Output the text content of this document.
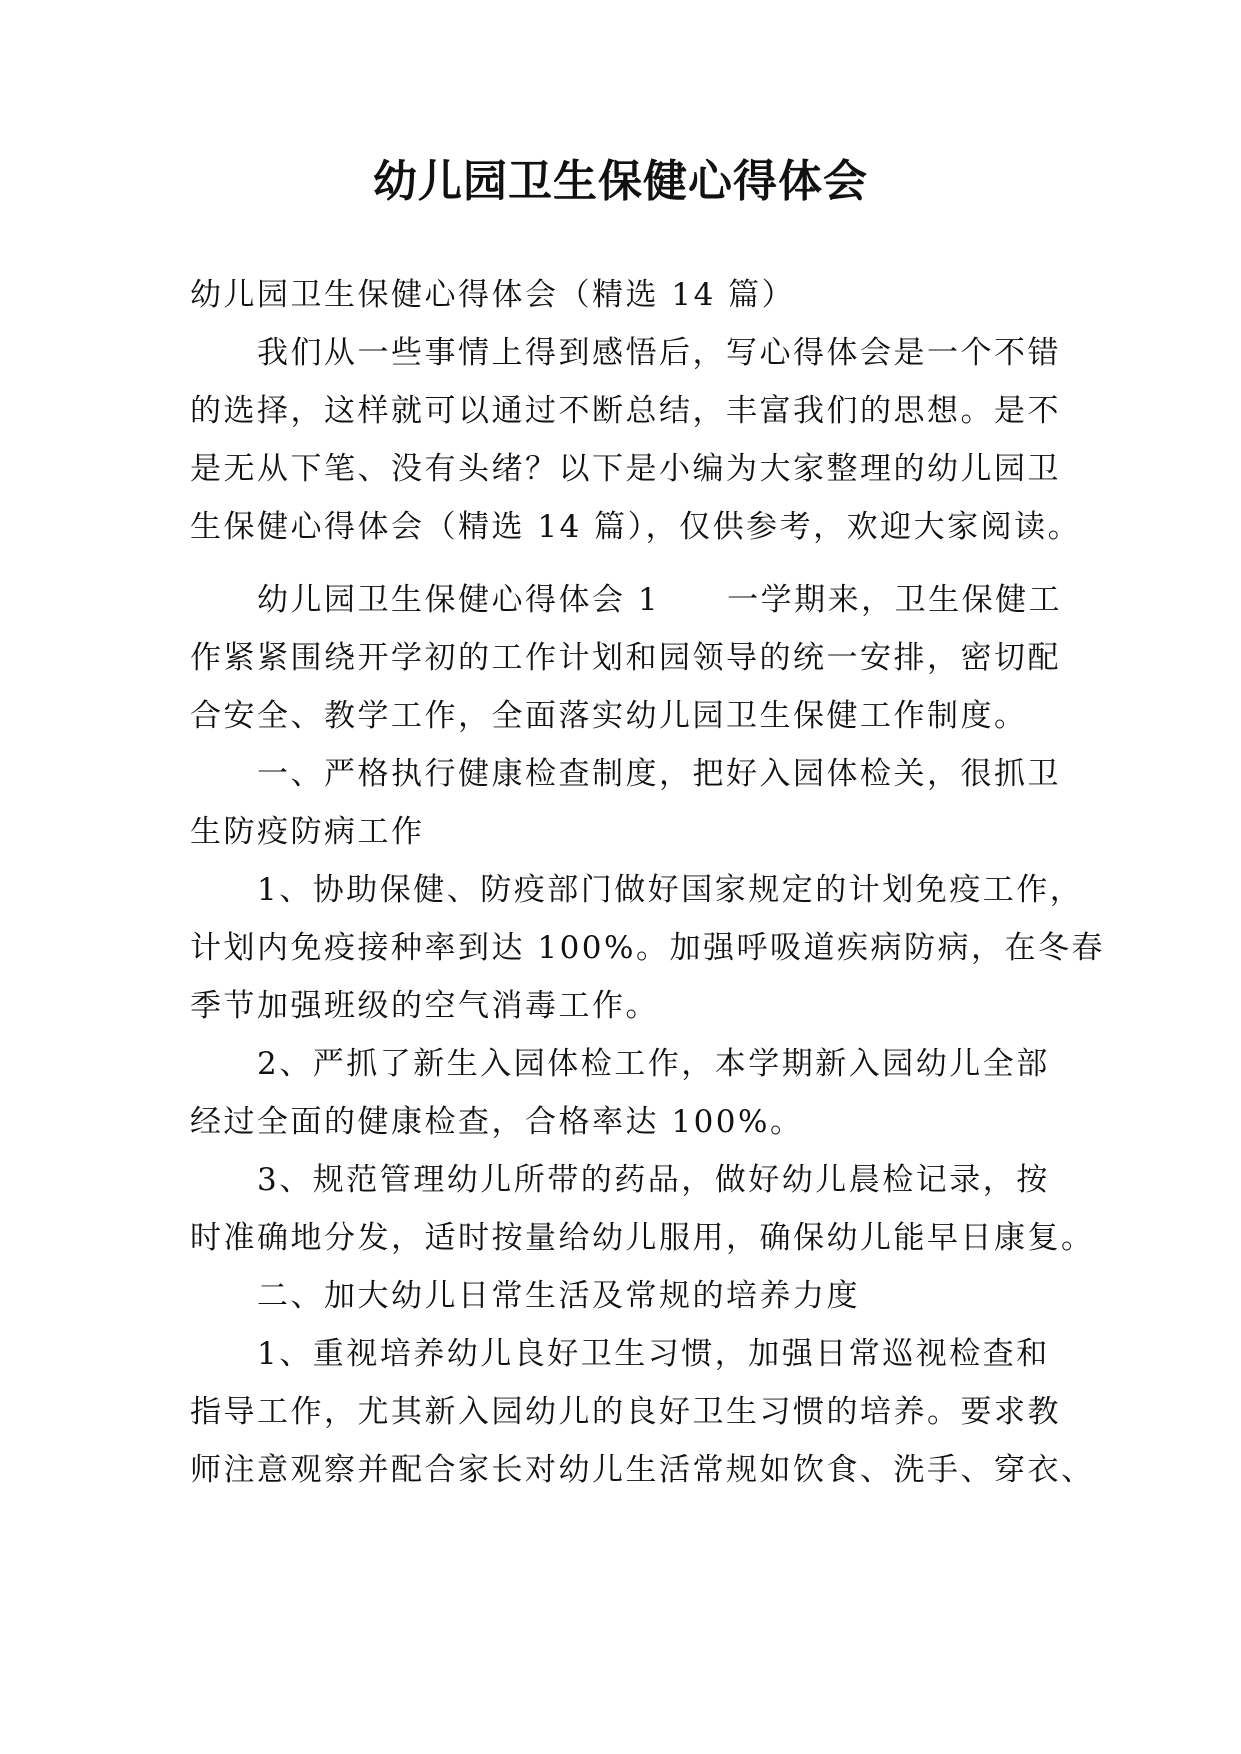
幼儿园卫生保健心得体会
幼儿园卫生保健心得体会（精选 14 篇）
我们从一些事情上得到感悟后，写心得体会是一个不错
的选择，这样就可以通过不断总结，丰富我们的思想。是不
是无从下笔、没有头绪？以下是小编为大家整理的幼儿园卫
生保健心得体会（精选 14 篇），仅供参考，欢迎大家阅读。
幼儿园卫生保健心得体会 1　　一学期来，卫生保健工
作紧紧围绕开学初的工作计划和园领导的统一安排，密切配
合安全、教学工作，全面落实幼儿园卫生保健工作制度。
一、严格执行健康检查制度，把好入园体检关，很抓卫
生防疫防病工作
1、协助保健、防疫部门做好国家规定的计划免疫工作，
计划内免疫接种率到达 100%。加强呼吸道疾病防病，在冬春
季节加强班级的空气消毒工作。
2、严抓了新生入园体检工作，本学期新入园幼儿全部
经过全面的健康检查，合格率达 100%。
3、规范管理幼儿所带的药品，做好幼儿晨检记录，按
时准确地分发，适时按量给幼儿服用，确保幼儿能早日康复。
二、加大幼儿日常生活及常规的培养力度
1、重视培养幼儿良好卫生习惯，加强日常巡视检查和
指导工作，尤其新入园幼儿的良好卫生习惯的培养。要求教
师注意观察并配合家长对幼儿生活常规如饮食、洗手、穿衣、
